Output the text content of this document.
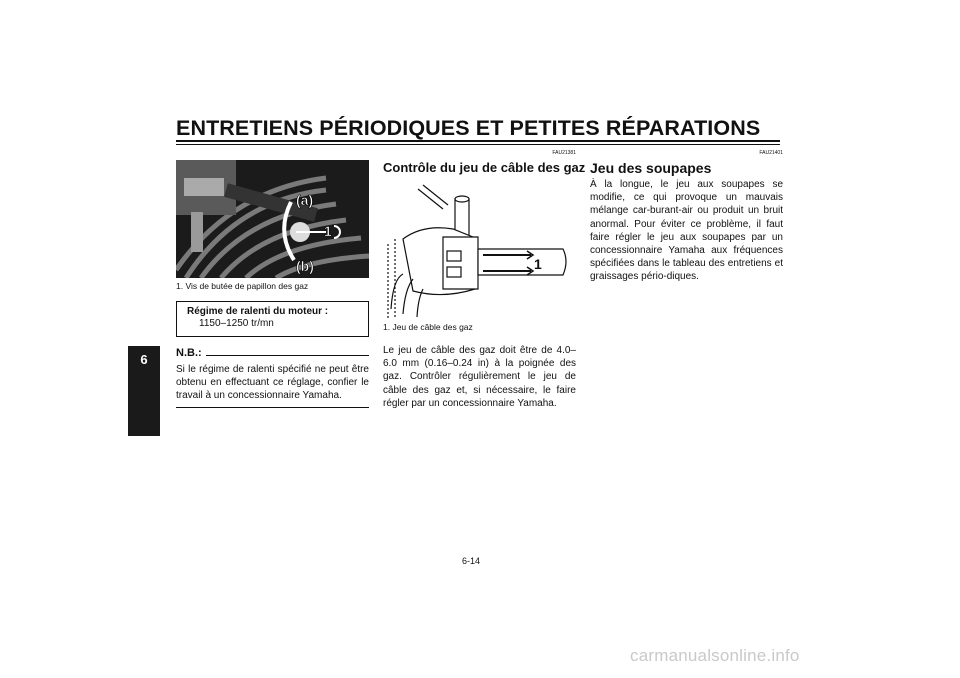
ENTRETIENS PÉRIODIQUES ET PETITES RÉPARATIONS
6
(a)
(b)
1
1. Vis de butée de papillon des gaz
Régime de ralenti du moteur :
1150–1250 tr/mn
N.B.:
Si le régime de ralenti spécifié ne peut être obtenu en effectuant ce réglage, confier le travail à un concessionnaire Yamaha.
FAU21381
Contrôle du jeu de câble des gaz
1
1. Jeu de câble des gaz
Le jeu de câble des gaz doit être de 4.0–6.0 mm (0.16–0.24 in) à la poignée des gaz. Contrôler régulièrement le jeu de câble des gaz et, si nécessaire, le faire régler par un concessionnaire Yamaha.
FAU21401
Jeu des soupapes
À la longue, le jeu aux soupapes se modifie, ce qui provoque un mauvais mélange car-burant-air ou produit un bruit anormal. Pour éviter ce problème, il faut faire régler le jeu aux soupapes par un concessionnaire Yamaha aux fréquences spécifiées dans le tableau des entretiens et graissages pério-diques.
6-14
carmanualsonline.info
